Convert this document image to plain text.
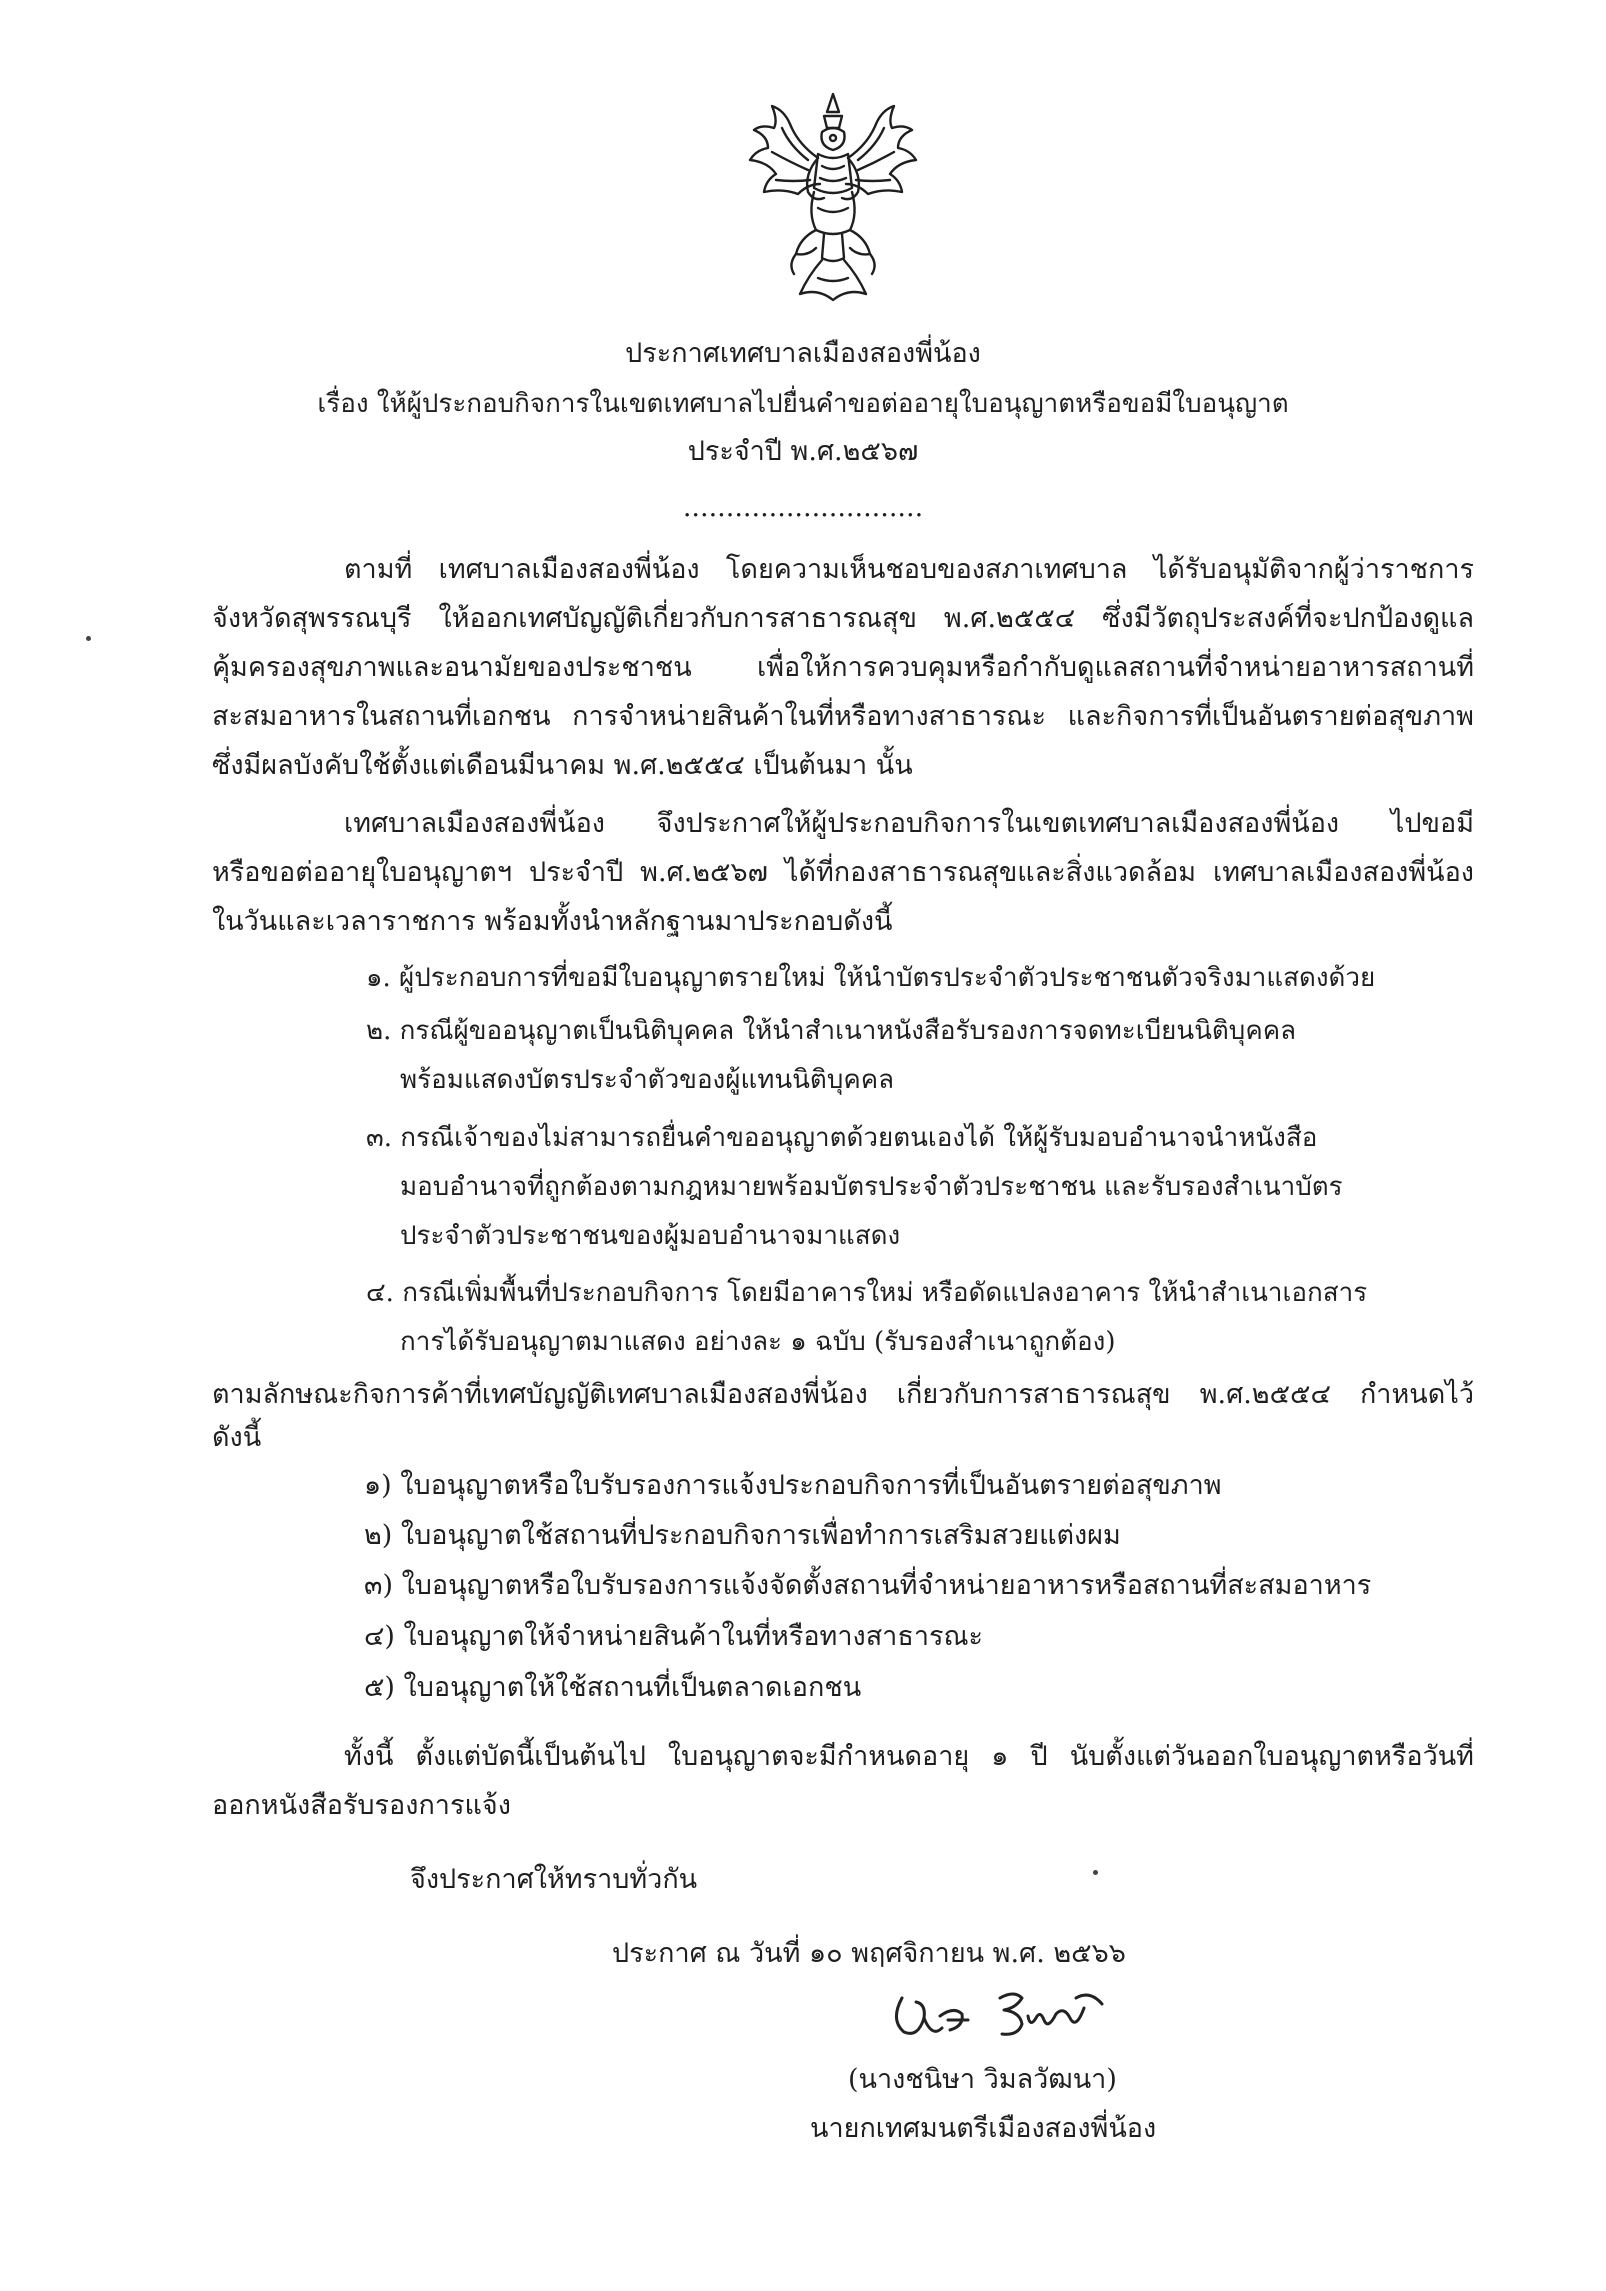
ประกาศเทศบาลเมืองสองพี่น้อง
เรื่อง ให้ผู้ประกอบกิจการในเขตเทศบาลไปยื่นคำขอต่ออายุใบอนุญาตหรือขอมีใบอนุญาต
ประจำปี พ.ศ.๒๕๖๗
............................
ตามที่ เทศบาลเมืองสองพี่น้อง โดยความเห็นชอบของสภาเทศบาล ได้รับอนุมัติจากผู้ว่าราชการ
จังหวัดสุพรรณบุรี ให้ออกเทศบัญญัติเกี่ยวกับการสาธารณสุข พ.ศ.๒๕๕๔ ซึ่งมีวัตถุประสงค์ที่จะปกป้องดูแล
คุ้มครองสุขภาพและอนามัยของประชาชน เพื่อให้การควบคุมหรือกำกับดูแลสถานที่จำหน่ายอาหารสถานที่
สะสมอาหารในสถานที่เอกชน การจำหน่ายสินค้าในที่หรือทางสาธารณะ และกิจการที่เป็นอันตรายต่อสุขภาพ
ซึ่งมีผลบังคับใช้ตั้งแต่เดือนมีนาคม พ.ศ.๒๕๕๔ เป็นต้นมา นั้น
เทศบาลเมืองสองพี่น้อง จึงประกาศให้ผู้ประกอบกิจการในเขตเทศบาลเมืองสองพี่น้อง ไปขอมี
หรือขอต่ออายุใบอนุญาตฯ ประจำปี พ.ศ.๒๕๖๗ ได้ที่กองสาธารณสุขและสิ่งแวดล้อม เทศบาลเมืองสองพี่น้อง
ในวันและเวลาราชการ พร้อมทั้งนำหลักฐานมาประกอบดังนี้
๑. ผู้ประกอบการที่ขอมีใบอนุญาตรายใหม่ ให้นำบัตรประจำตัวประชาชนตัวจริงมาแสดงด้วย
๒. กรณีผู้ขออนุญาตเป็นนิติบุคคล ให้นำสำเนาหนังสือรับรองการจดทะเบียนนิติบุคคล
พร้อมแสดงบัตรประจำตัวของผู้แทนนิติบุคคล
๓. กรณีเจ้าของไม่สามารถยื่นคำขออนุญาตด้วยตนเองได้ ให้ผู้รับมอบอำนาจนำหนังสือ
มอบอำนาจที่ถูกต้องตามกฎหมายพร้อมบัตรประจำตัวประชาชน และรับรองสำเนาบัตร
ประจำตัวประชาชนของผู้มอบอำนาจมาแสดง
๔. กรณีเพิ่มพื้นที่ประกอบกิจการ โดยมีอาคารใหม่ หรือดัดแปลงอาคาร ให้นำสำเนาเอกสาร
การได้รับอนุญาตมาแสดง อย่างละ ๑ ฉบับ (รับรองสำเนาถูกต้อง)
ตามลักษณะกิจการค้าที่เทศบัญญัติเทศบาลเมืองสองพี่น้อง เกี่ยวกับการสาธารณสุข พ.ศ.๒๕๕๔ กำหนดไว้
ดังนี้
๑) ใบอนุญาตหรือใบรับรองการแจ้งประกอบกิจการที่เป็นอันตรายต่อสุขภาพ
๒) ใบอนุญาตใช้สถานที่ประกอบกิจการเพื่อทำการเสริมสวยแต่งผม
๓) ใบอนุญาตหรือใบรับรองการแจ้งจัดตั้งสถานที่จำหน่ายอาหารหรือสถานที่สะสมอาหาร
๔) ใบอนุญาตให้จำหน่ายสินค้าในที่หรือทางสาธารณะ
๕) ใบอนุญาตให้ใช้สถานที่เป็นตลาดเอกชน
ทั้งนี้ ตั้งแต่บัดนี้เป็นต้นไป ใบอนุญาตจะมีกำหนดอายุ ๑ ปี นับตั้งแต่วันออกใบอนุญาตหรือวันที่
ออกหนังสือรับรองการแจ้ง
จึงประกาศให้ทราบทั่วกัน
ประกาศ ณ วันที่ ๑๐ พฤศจิกายน พ.ศ. ๒๕๖๖
(นางชนิษา วิมลวัฒนา)
นายกเทศมนตรีเมืองสองพี่น้อง
